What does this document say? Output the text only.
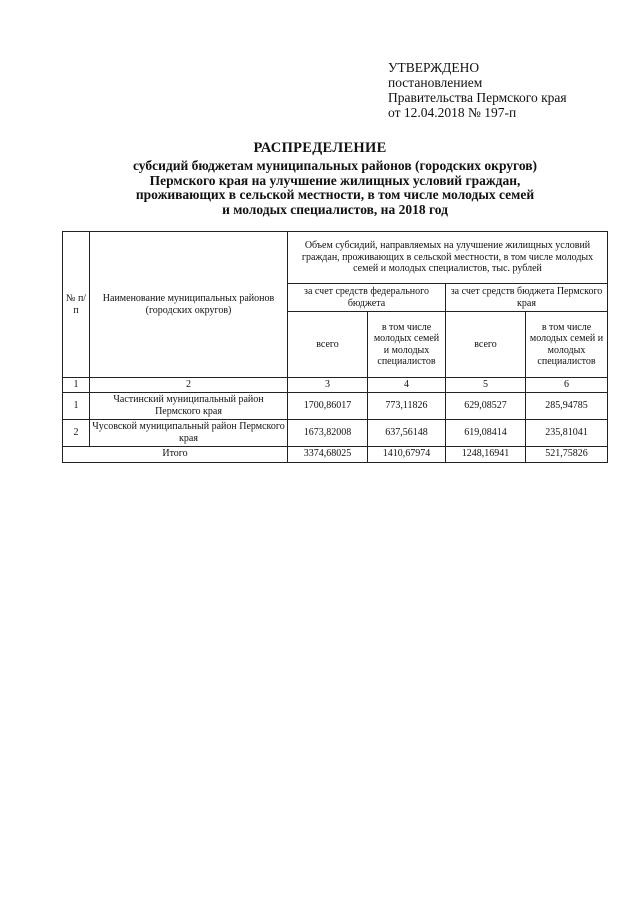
УТВЕРЖДЕНО
постановлением
Правительства Пермского края
от 12.04.2018 № 197-п
РАСПРЕДЕЛЕНИЕ
субсидий бюджетам муниципальных районов (городских округов)
Пермского края на улучшение жилищных условий граждан,
проживающих в сельской местности, в том числе молодых семей
и молодых специалистов, на 2018 год
№ п/п	Наименование муниципальных районов (городских округов)	Объем субсидий, направляемых на улучшение жилищных условий граждан, проживающих в сельской местности, в том числе молодых семей и молодых специалистов, тыс. рублей			
		за счет средств федерального бюджета		за счет средств бюджета Пермского края	
		всего	в том числе молодых семей и молодых специалистов	всего	в том числе молодых семей и молодых специалистов
1	2	3	4	5	6
1	Частинский муниципальный район Пермского края	1700,86017	773,11826	629,08527	285,94785
2	Чусовской муниципальный район Пермского края	1673,82008	637,56148	619,08414	235,81041
Итого		3374,68025	1410,67974	1248,16941	521,75826
